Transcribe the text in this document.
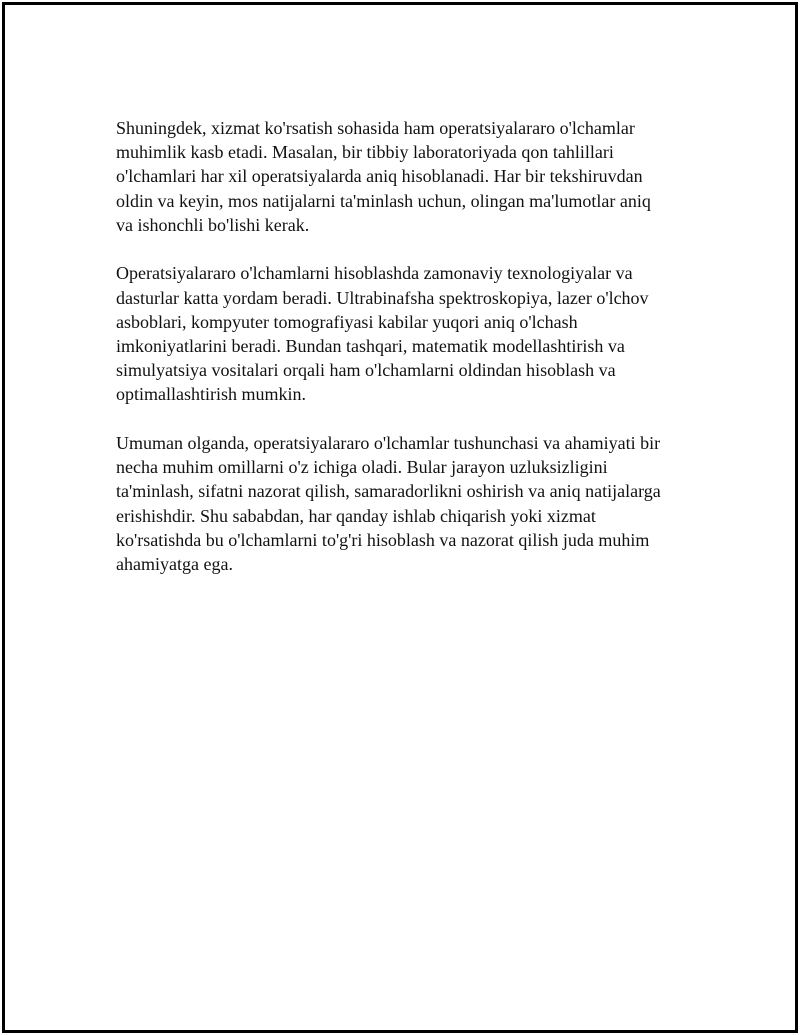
Shuningdek, xizmat ko'rsatish sohasida ham operatsiyalararo o'lchamlar
muhimlik kasb etadi. Masalan, bir tibbiy laboratoriyada qon tahlillari
o'lchamlari har xil operatsiyalarda aniq hisoblanadi. Har bir tekshiruvdan
oldin va keyin, mos natijalarni ta'minlash uchun, olingan ma'lumotlar aniq
va ishonchli bo'lishi kerak.

Operatsiyalararo o'lchamlarni hisoblashda zamonaviy texnologiyalar va
dasturlar katta yordam beradi. Ultrabinafsha spektroskopiya, lazer o'lchov
asboblari, kompyuter tomografiyasi kabilar yuqori aniq o'lchash
imkoniyatlarini beradi. Bundan tashqari, matematik modellashtirish va
simulyatsiya vositalari orqali ham o'lchamlarni oldindan hisoblash va
optimallashtirish mumkin.

Umuman olganda, operatsiyalararo o'lchamlar tushunchasi va ahamiyati bir
necha muhim omillarni o'z ichiga oladi. Bular jarayon uzluksizligini
ta'minlash, sifatni nazorat qilish, samaradorlikni oshirish va aniq natijalarga
erishishdir. Shu sababdan, har qanday ishlab chiqarish yoki xizmat
ko'rsatishda bu o'lchamlarni to'g'ri hisoblash va nazorat qilish juda muhim
ahamiyatga ega.
